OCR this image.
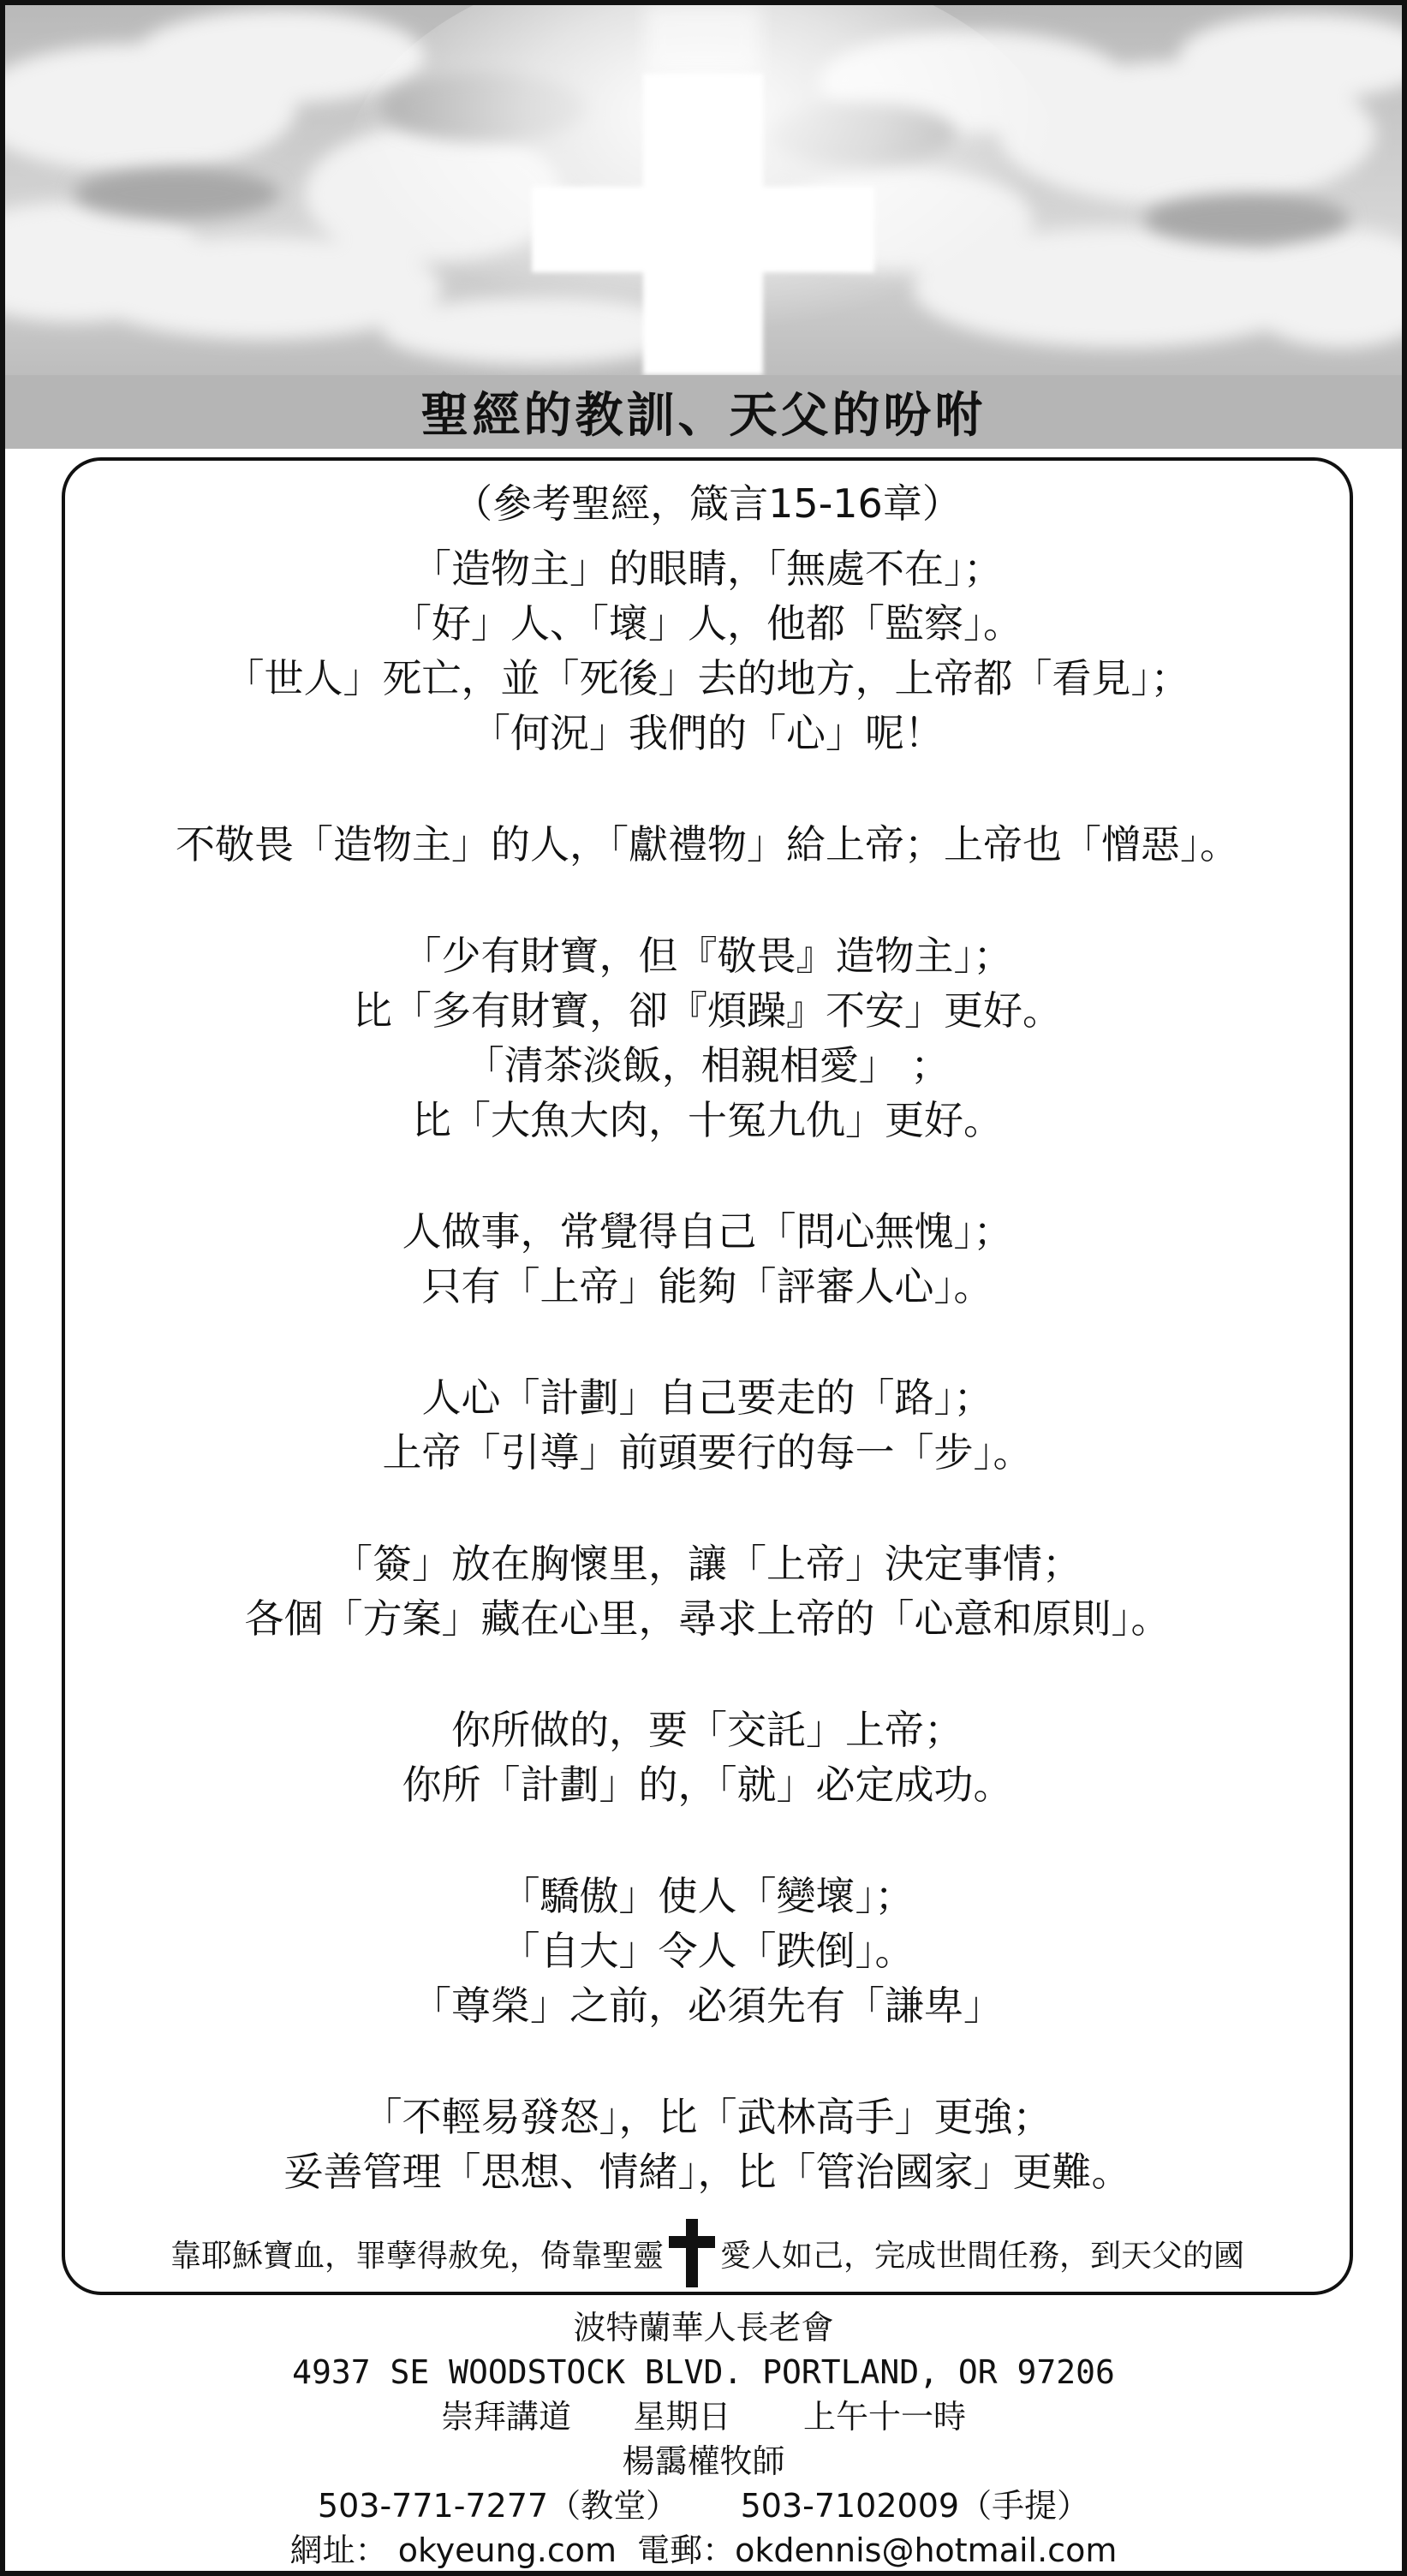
聖經的教訓、天父的吩咐
（參考聖經，箴言15-16章）
「造物主」的眼睛，「無處不在」；
「好」人、「壞」人，他都「監察」。
「世人」死亡，並「死後」去的地方，上帝都「看見」；
「何況」我們的「心」呢！
不敬畏「造物主」的人，「獻禮物」給上帝；上帝也「憎惡」。
「少有財寶，但『敬畏』造物主」；
比「多有財寶，卻『煩躁』不安」更好。
「清茶淡飯，相親相愛」 ；
比「大魚大肉，十冤九仇」更好。
人做事，常覺得自己「問心無愧」；
只有「上帝」能夠「評審人心」。
人心「計劃」自己要走的「路」；
上帝「引導」前頭要行的每一「步」。
「簽」放在胸懷里，讓「上帝」決定事情；
各個「方案」藏在心里，尋求上帝的「心意和原則」。
你所做的，要「交託」上帝；
你所「計劃」的，「就」必定成功。
「驕傲」使人「變壞」；
「自大」令人「跌倒」。
「尊榮」之前，必須先有「謙卑」
「不輕易發怒」，比「武林高手」更強；
妥善管理「思想、情緒」，比「管治國家」更難。
靠耶穌寶血，罪孽得赦免，倚靠聖靈 愛人如己，完成世間任務，到天父的國
波特蘭華人長老會
4937 SE WOODSTOCK BLVD. PORTLAND, OR 97206
崇拜講道      星期日       上午十一時
楊靄權牧師
503-771-7277（教堂）      503-7102009（手提）
網址： okyeung.com  電郵：okdennis@hotmail.com
